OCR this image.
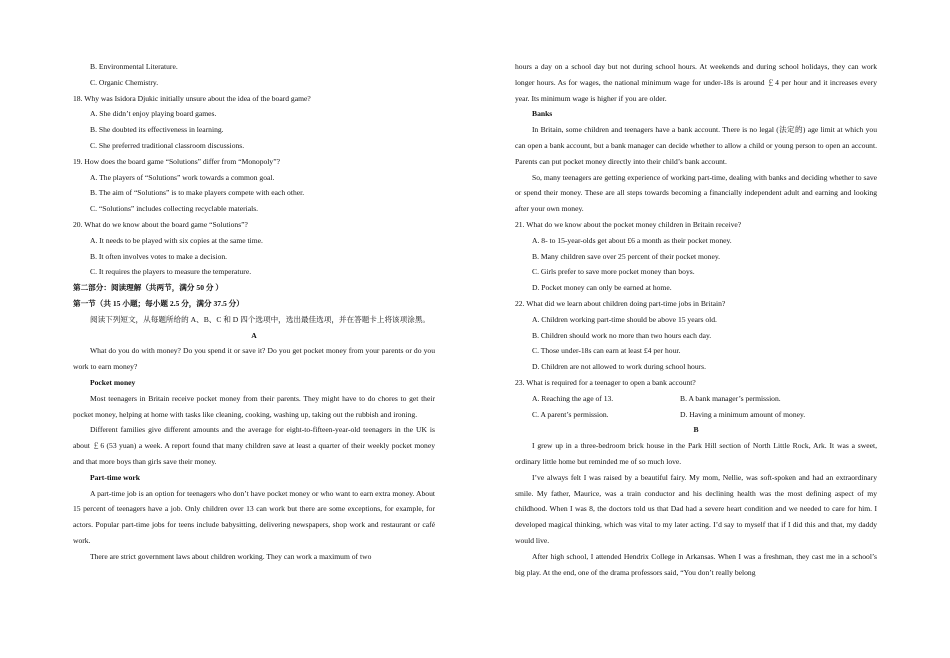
B. Environmental Literature.

C. Organic Chemistry.

18. Why was Isidora Djukic initially unsure about the idea of the board game?

A. She didn’t enjoy playing board games.

B. She doubted its effectiveness in learning.

C. She preferred traditional classroom discussions.

19. How does the board game “Solutions” differ from “Monopoly”?

A. The players of “Solutions” work towards a common goal.

B. The aim of “Solutions” is to make players compete with each other.

C. “Solutions” includes collecting recyclable materials.

20. What do we know about the board game “Solutions”?

A. It needs to be played with six copies at the same time.

B. It often involves votes to make a decision.

C. It requires the players to measure the temperature.

第二部分：阅读理解（共两节，满分 50 分 ）

第一节（共 15 小题；每小题 2.5 分，满分 37.5 分）

阅读下列短文，从每题所给的 A、B、C 和 D 四个选项中，选出最佳选项，并在答题卡上将该项涂黑。

A

What do you do with money? Do you spend it or save it? Do you get pocket money from your parents or do you work to earn money?

Pocket money

Most teenagers in Britain receive pocket money from their parents. They might have to do chores to get their pocket money, helping at home with tasks like cleaning, cooking, washing up, taking out the rubbish and ironing.

Different families give different amounts and the average for eight-to-fifteen-year-old teenagers in the UK is about ￡6 (53 yuan) a week. A report found that many children save at least a quarter of their weekly pocket money and that more boys than girls save their money.

Part-time work

A part-time job is an option for teenagers who don’t have pocket money or who want to earn extra money. About 15 percent of teenagers have a job. Only children over 13 can work but there are some exceptions, for example, for actors. Popular part-time jobs for teens include babysitting, delivering newspapers, shop work and restaurant or café work.

There are strict government laws about children working. They can work a maximum of two

hours a day on a school day but not during school hours. At weekends and during school holidays, they can work longer hours. As for wages, the national minimum wage for under-18s is around ￡4 per hour and it increases every year. Its minimum wage is higher if you are older.

Banks

In Britain, some children and teenagers have a bank account. There is no legal (法定的) age limit at which you can open a bank account, but a bank manager can decide whether to allow a child or young person to open an account. Parents can put pocket money directly into their child’s bank account.

So, many teenagers are getting experience of working part-time, dealing with banks and deciding whether to save or spend their money. These are all steps towards becoming a financially independent adult and earning and looking after your own money.

21. What do we know about the pocket money children in Britain receive?

A. 8- to 15-year-olds get about £6 a month as their pocket money.

B. Many children save over 25 percent of their pocket money.

C. Girls prefer to save more pocket money than boys.

D. Pocket money can only be earned at home.

22. What did we learn about children doing part-time jobs in Britain?

A. Children working part-time should be above 15 years old.

B. Children should work no more than two hours each day.

C. Those under-18s can earn at least £4 per hour.

D. Children are not allowed to work during school hours.

23. What is required for a teenager to open a bank account?

A. Reaching the age of 13.	B. A bank manager’s permission.
C. A parent’s permission.	D. Having a minimum amount of money.

B

I grew up in a three-bedroom brick house in the Park Hill section of North Little Rock, Ark. It was a sweet, ordinary little home but reminded me of so much love.

I’ve always felt I was raised by a beautiful fairy. My mom, Nellie, was soft-spoken and had an extraordinary smile. My father, Maurice, was a train conductor and his declining health was the most defining aspect of my childhood. When I was 8, the doctors told us that Dad had a severe heart condition and we needed to care for him. I developed magical thinking, which was vital to my later acting. I’d say to myself that if I did this and that, my daddy would live.

After high school, I attended Hendrix College in Arkansas. When I was a freshman, they cast me in a school’s big play. At the end, one of the drama professors said, “You don’t really belong
